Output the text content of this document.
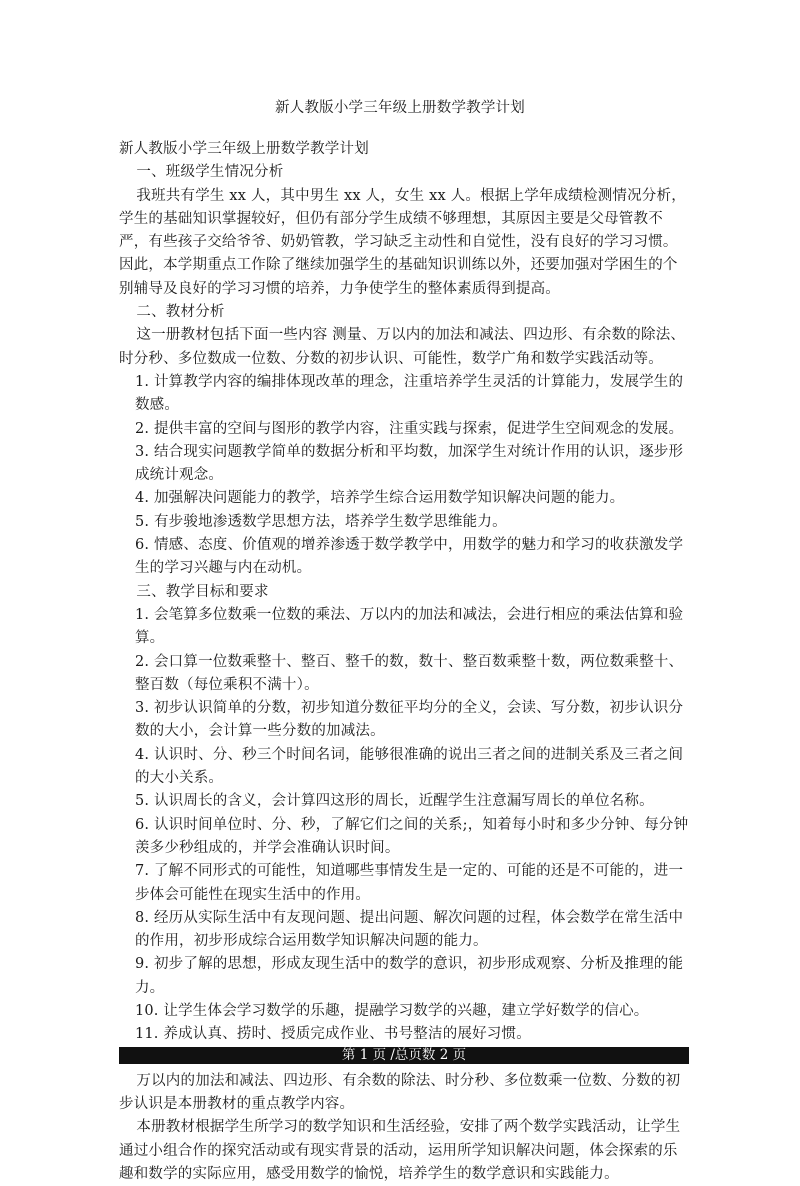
新人教版小学三年级上册数学教学计划

新人教版小学三年级上册数学教学计划

一、班级学生情况分析

我班共有学生 xx 人，其中男生 xx 人，女生 xx 人。根据上学年成绩检测情况分析，学生的基础知识掌握较好，但仍有部分学生成绩不够理想，其原因主要是父母管教不严，有些孩子交给爷爷、奶奶管教，学习缺乏主动性和自觉性，没有良好的学习习惯。因此，本学期重点工作除了继续加强学生的基础知识训练以外，还要加强对学困生的个别辅导及良好的学习习惯的培养，力争使学生的整体素质得到提高。

二、教材分析

这一册教材包括下面一些内容 测量、万以内的加法和减法、四边形、有余数的除法、时分秒、多位数成一位数、分数的初步认识、可能性，数学广角和数学实践活动等。

1. 计算教学内容的编排体现改革的理念，注重培养学生灵活的计算能力，发展学生的数感。

2. 提供丰富的空间与图形的教学内容，注重实践与探索，促进学生空间观念的发展。

3. 结合现实问题教学简单的数据分析和平均数，加深学生对统计作用的认识，逐步形成统计观念。

4. 加强解决问题能力的教学，培养学生综合运用数学知识解决问题的能力。

5. 有步骏地渗透数学思想方法，塔养学生数学思维能力。

6. 情感、态度、价值观的增养渗透于数学教学中，用数学的魅力和学习的收获激发学生的学习兴趣与内在动机。

三、教学目标和要求

1. 会笔算多位数乘一位数的乘法、万以内的加法和减法，会进行相应的乘法估算和验算。

2. 会口算一位数乘整十、整百、整千的数，数十、整百数乘整十数，两位数乘整十、整百数（每位乘积不满十）。

3. 初步认识简单的分数，初步知道分数征平均分的全义，会读、写分数，初步认识分数的大小，会计算一些分数的加减法。

4. 认识时、分、秒三个时间名词，能够很准确的说出三者之间的进制关系及三者之间的大小关系。

5. 认识周长的含义，会计算四这形的周长，近醒学生注意漏写周长的单位名称。

6. 认识时间单位时、分、秒，了解它们之间的关系;，知着每小时和多少分钟、每分钟羡多少秒组成的，并学会准确认识时间。

7. 了解不同形式的可能性，知道哪些事情发生是一定的、可能的还是不可能的，进一步体会可能性在现实生活中的作用。

8. 经历从实际生活中有友现问题、提出问题、解次问题的过程，体会数学在常生活中的作用，初步形成综合运用数学知识解决问题的能力。

9. 初步了解的思想，形成友现生活中的数学的意识，初步形成观察、分析及推理的能力。

10. 让学生体会学习数学的乐趣，提融学习数学的兴趣，建立学好数学的信心。

11. 养成认真、捞时、授质完成作业、书号整洁的展好习惯。

万以内的加法和减法、四边形、有余数的除法、时分秒、多位数乘一位数、分数的初步认识是本册教材的重点教学内容。

本册教材根据学生所学习的数学知识和生活经验，安排了两个数学实践活动，让学生通过小组合作的探究活动或有现实背景的活动，运用所学知识解决问题，体会探索的乐趣和数学的实际应用，感受用数学的愉悦，培养学生的数学意识和实践能力。

第 1 页 /总页数 2 页
